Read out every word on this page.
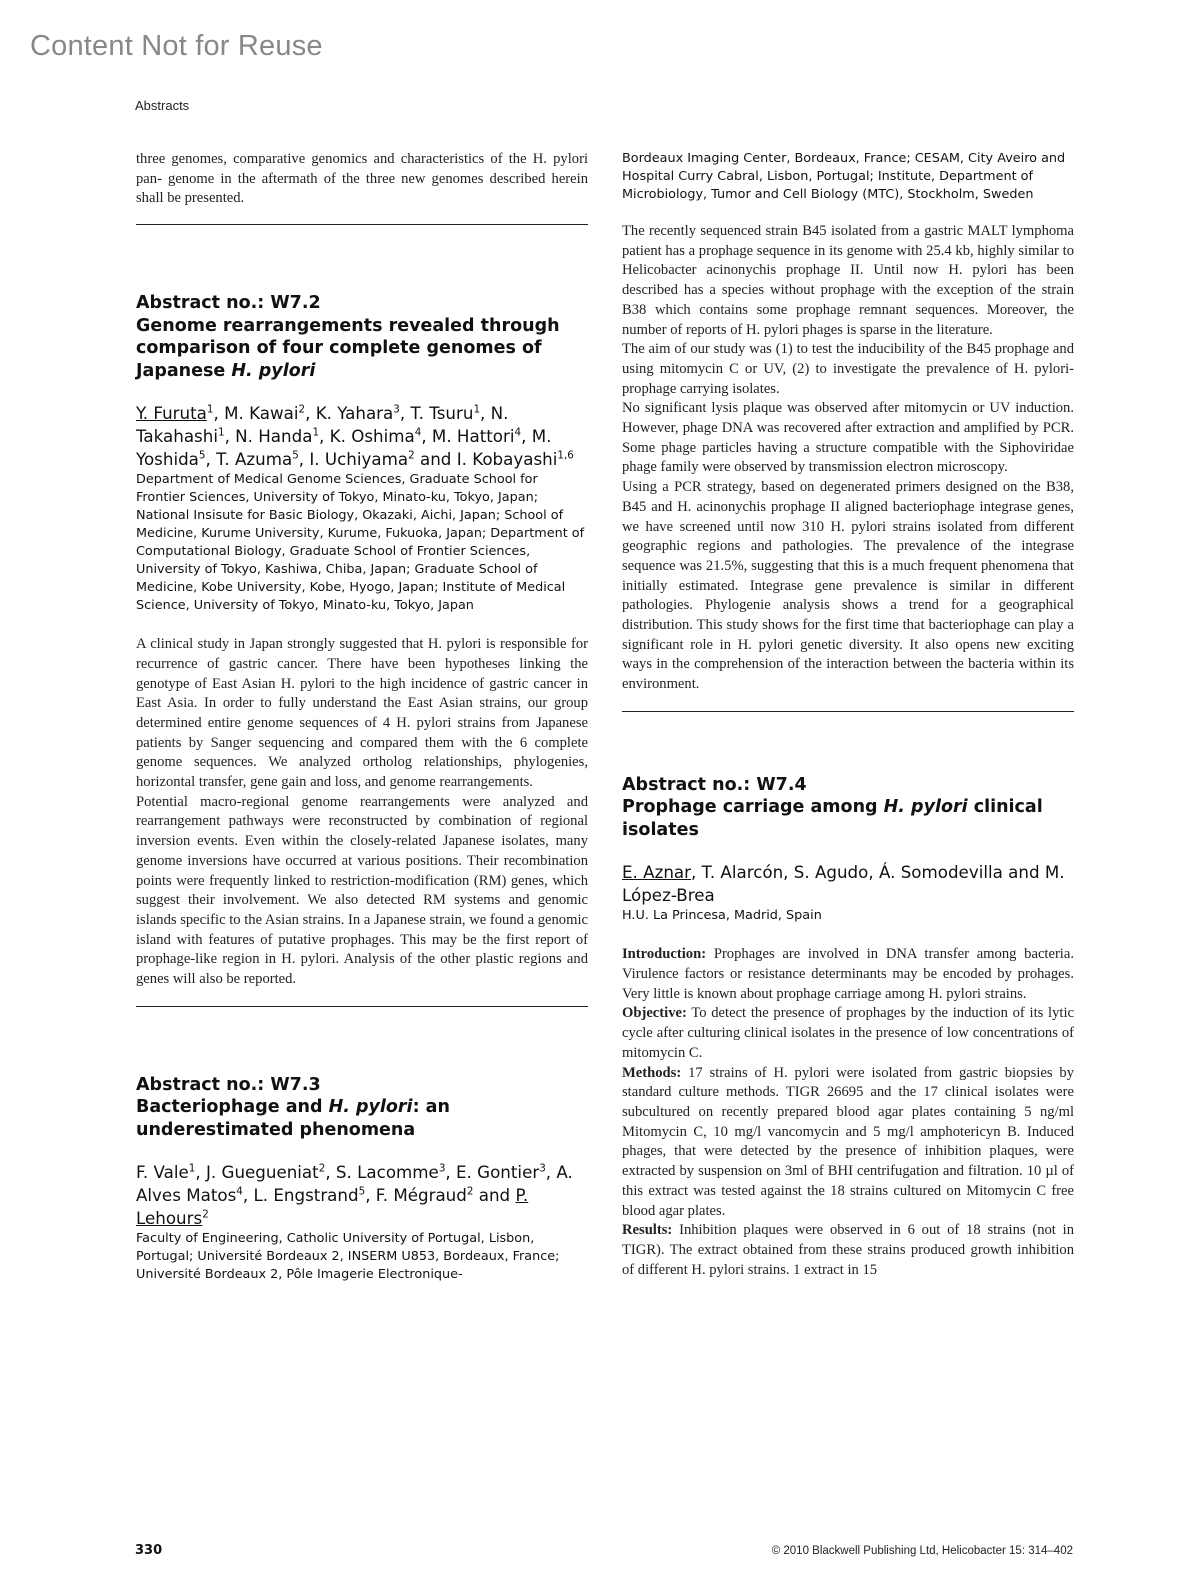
Content Not for Reuse
Abstracts
three genomes, comparative genomics and characteristics of the H. pylori pan- genome in the aftermath of the three new genomes described herein shall be presented.

Abstract no.: W7.2

Genome rearrangements revealed through comparison of four complete genomes of Japanese H. pylori

Y. Furuta$^1$, M. Kawai$^2$, K. Yahara$^3$, T. Tsuru$^1$, N. Takahashi$^1$, N. Handa$^1$, K. Oshima$^4$, M. Hattori$^4$, M. Yoshida$^5$, T. Azuma$^5$, I. Uchiyama$^2$ and I. Kobayashi$^{1,6}$

Department of Medical Genome Sciences, Graduate School for Frontier Sciences, University of Tokyo, Minato-ku, Tokyo, Japan; National Insisute for Basic Biology, Okazaki, Aichi, Japan; School of Medicine, Kurume University, Kurume, Fukuoka, Japan; Department of Computational Biology, Graduate School of Frontier Sciences, University of Tokyo, Kashiwa, Chiba, Japan; Graduate School of Medicine, Kobe University, Kobe, Hyogo, Japan; Institute of Medical Science, University of Tokyo, Minato-ku, Tokyo, Japan

A clinical study in Japan strongly suggested that H. pylori is responsible for recurrence of gastric cancer. There have been hypotheses linking the genotype of East Asian H. pylori to the high incidence of gastric cancer in East Asia. In order to fully understand the East Asian strains, our group determined entire genome sequences of 4 H. pylori strains from Japanese patients by Sanger sequencing and compared them with the 6 complete genome sequences. We analyzed ortholog relationships, phylogenies, horizontal transfer, gene gain and loss, and genome rearrangements.

Potential macro-regional genome rearrangements were analyzed and rearrangement pathways were reconstructed by combination of regional inversion events. Even within the closely-related Japanese isolates, many genome inversions have occurred at various positions. Their recombination points were frequently linked to restriction-modification (RM) genes, which suggest their involvement. We also detected RM systems and genomic islands specific to the Asian strains. In a Japanese strain, we found a genomic island with features of putative prophages. This may be the first report of prophage-like region in H. pylori. Analysis of the other plastic regions and genes will also be reported.

Abstract no.: W7.3

Bacteriophage and H. pylori: an underestimated phenomena

F. Vale$^1$, J. Guegueniat$^2$, S. Lacomme$^3$, E. Gontier$^3$, A. Alves Matos$^4$, L. Engstrand$^5$, F. Mégraud$^2$ and P. Lehours$^2$

Faculty of Engineering, Catholic University of Portugal, Lisbon, Portugal; Université Bordeaux 2, INSERM U853, Bordeaux, France; Université Bordeaux 2, Pôle Imagerie Electronique-

Bordeaux Imaging Center, Bordeaux, France; CESAM, City Aveiro and Hospital Curry Cabral, Lisbon, Portugal; Institute, Department of Microbiology, Tumor and Cell Biology (MTC), Stockholm, Sweden

The recently sequenced strain B45 isolated from a gastric MALT lymphoma patient has a prophage sequence in its genome with 25.4 kb, highly similar to Helicobacter acinonychis prophage II. Until now H. pylori has been described has a species without prophage with the exception of the strain B38 which contains some prophage remnant sequences. Moreover, the number of reports of H. pylori phages is sparse in the literature.

The aim of our study was (1) to test the inducibility of the B45 prophage and using mitomycin C or UV, (2) to investigate the prevalence of H. pylori-prophage carrying isolates.

No significant lysis plaque was observed after mitomycin or UV induction. However, phage DNA was recovered after extraction and amplified by PCR. Some phage particles having a structure compatible with the Siphoviridae phage family were observed by transmission electron microscopy.

Using a PCR strategy, based on degenerated primers designed on the B38, B45 and H. acinonychis prophage II aligned bacteriophage integrase genes, we have screened until now 310 H. pylori strains isolated from different geographic regions and pathologies. The prevalence of the integrase sequence was 21.5%, suggesting that this is a much frequent phenomena that initially estimated. Integrase gene prevalence is similar in different pathologies. Phylogenie analysis shows a trend for a geographical distribution. This study shows for the first time that bacteriophage can play a significant role in H. pylori genetic diversity. It also opens new exciting ways in the comprehension of the interaction between the bacteria within its environment.

Abstract no.: W7.4

Prophage carriage among H. pylori clinical isolates

E. Aznar, T. Alarcón, S. Agudo, Á. Somodevilla and M. López-Brea

H.U. La Princesa, Madrid, Spain

Introduction: Prophages are involved in DNA transfer among bacteria. Virulence factors or resistance determinants may be encoded by prohages. Very little is known about prophage carriage among H. pylori strains.

Objective: To detect the presence of prophages by the induction of its lytic cycle after culturing clinical isolates in the presence of low concentrations of mitomycin C.

Methods: 17 strains of H. pylori were isolated from gastric biopsies by standard culture methods. TIGR 26695 and the 17 clinical isolates were subcultured on recently prepared blood agar plates containing 5 ng/ml Mitomycin C, 10 mg/l vancomycin and 5 mg/l amphotericyn B. Induced phages, that were detected by the presence of inhibition plaques, were extracted by suspension on 3ml of BHI centrifugation and filtration. 10 µl of this extract was tested against the 18 strains cultured on Mitomycin C free blood agar plates.

Results: Inhibition plaques were observed in 6 out of 18 strains (not in TIGR). The extract obtained from these strains produced growth inhibition of different H. pylori strains. 1 extract in 15

330	© 2010 Blackwell Publishing Ltd, Helicobacter 15: 314–402
